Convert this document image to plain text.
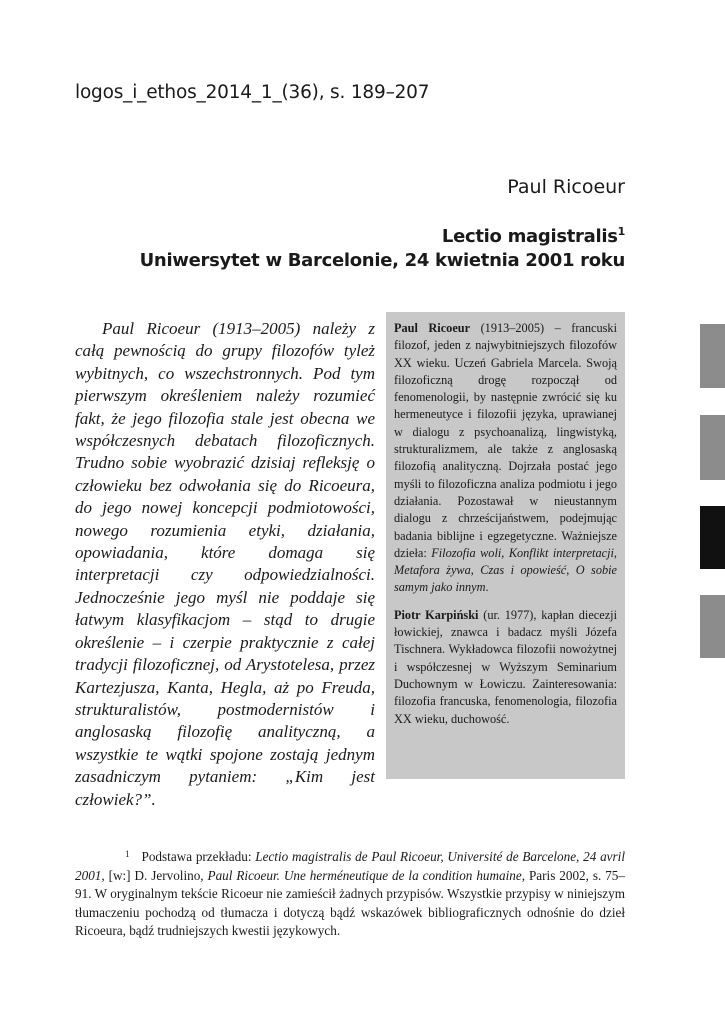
logos_i_ethos_2014_1_(36), s. 189–207
Paul Ricoeur
Lectio magistralis$^1$
Uniwersytet w Barcelonie, 24 kwietnia 2001 roku

Paul Ricoeur (1913–2005) należy z całą pewnością do grupy filozofów tyleż wybitnych, co wszechstronnych. Pod tym pierwszym określeniem należy rozumieć fakt, że jego filozofia stale jest obecna we współczesnych debatach filozoficznych. Trudno sobie wyobrazić dzisiaj refleksję o człowieku bez odwołania się do Ricoeura, do jego nowej koncepcji podmiotowości, nowego rozumienia etyki, działania, opowiadania, które domaga się interpretacji czy odpowiedzialności. Jednocześnie jego myśl nie poddaje się łatwym klasyfikacjom – stąd to drugie określenie – i czerpie praktycznie z całej tradycji filozoficznej, od Arystotelesa, przez Kartezjusza, Kanta, Hegla, aż po Freuda, strukturalistów, postmodernistów i anglosaską filozofię analityczną, a wszystkie te wątki spojone zostają jednym zasadniczym pytaniem: „Kim jest człowiek?”.

Paul Ricoeur (1913–2005) – francuski filozof, jeden z najwybitniejszych filozofów XX wieku. Uczeń Gabriela Marcela. Swoją filozoficzną drogę rozpoczął od fenomenologii, by następnie zwrócić się ku hermeneutyce i filozofii języka, uprawianej w dialogu z psychoanalizą, lingwistyką, strukturalizmem, ale także z anglosaską filozofią analityczną. Dojrzała postać jego myśli to filozoficzna analiza podmiotu i jego działania. Pozostawał w nieustannym dialogu z chrześcijaństwem, podejmując badania biblijne i egzegetyczne. Ważniejsze dzieła: Filozofia woli, Konflikt interpretacji, Metafora żywa, Czas i opowieść, O sobie samym jako innym.

Piotr Karpiński (ur. 1977), kapłan diecezji łowickiej, znawca i badacz myśli Józefa Tischnera. Wykładowca filozofii nowożytnej i współczesnej w Wyższym Seminarium Duchownym w Łowiczu. Zainteresowania: filozofia francuska, fenomenologia, filozofia XX wieku, duchowość.

$^1$ Podstawa przekładu: Lectio magistralis de Paul Ricoeur, Université de Barcelone, 24 avril 2001, [w:] D. Jervolino, Paul Ricoeur. Une herméneutique de la condition humaine, Paris 2002, s. 75–91. W oryginalnym tekście Ricoeur nie zamieścił żadnych przypisów. Wszystkie przypisy w niniejszym tłumaczeniu pochodzą od tłumacza i dotyczą bądź wskazówek bibliograficznych odnośnie do dzieł Ricoeura, bądź trudniejszych kwestii językowych.
